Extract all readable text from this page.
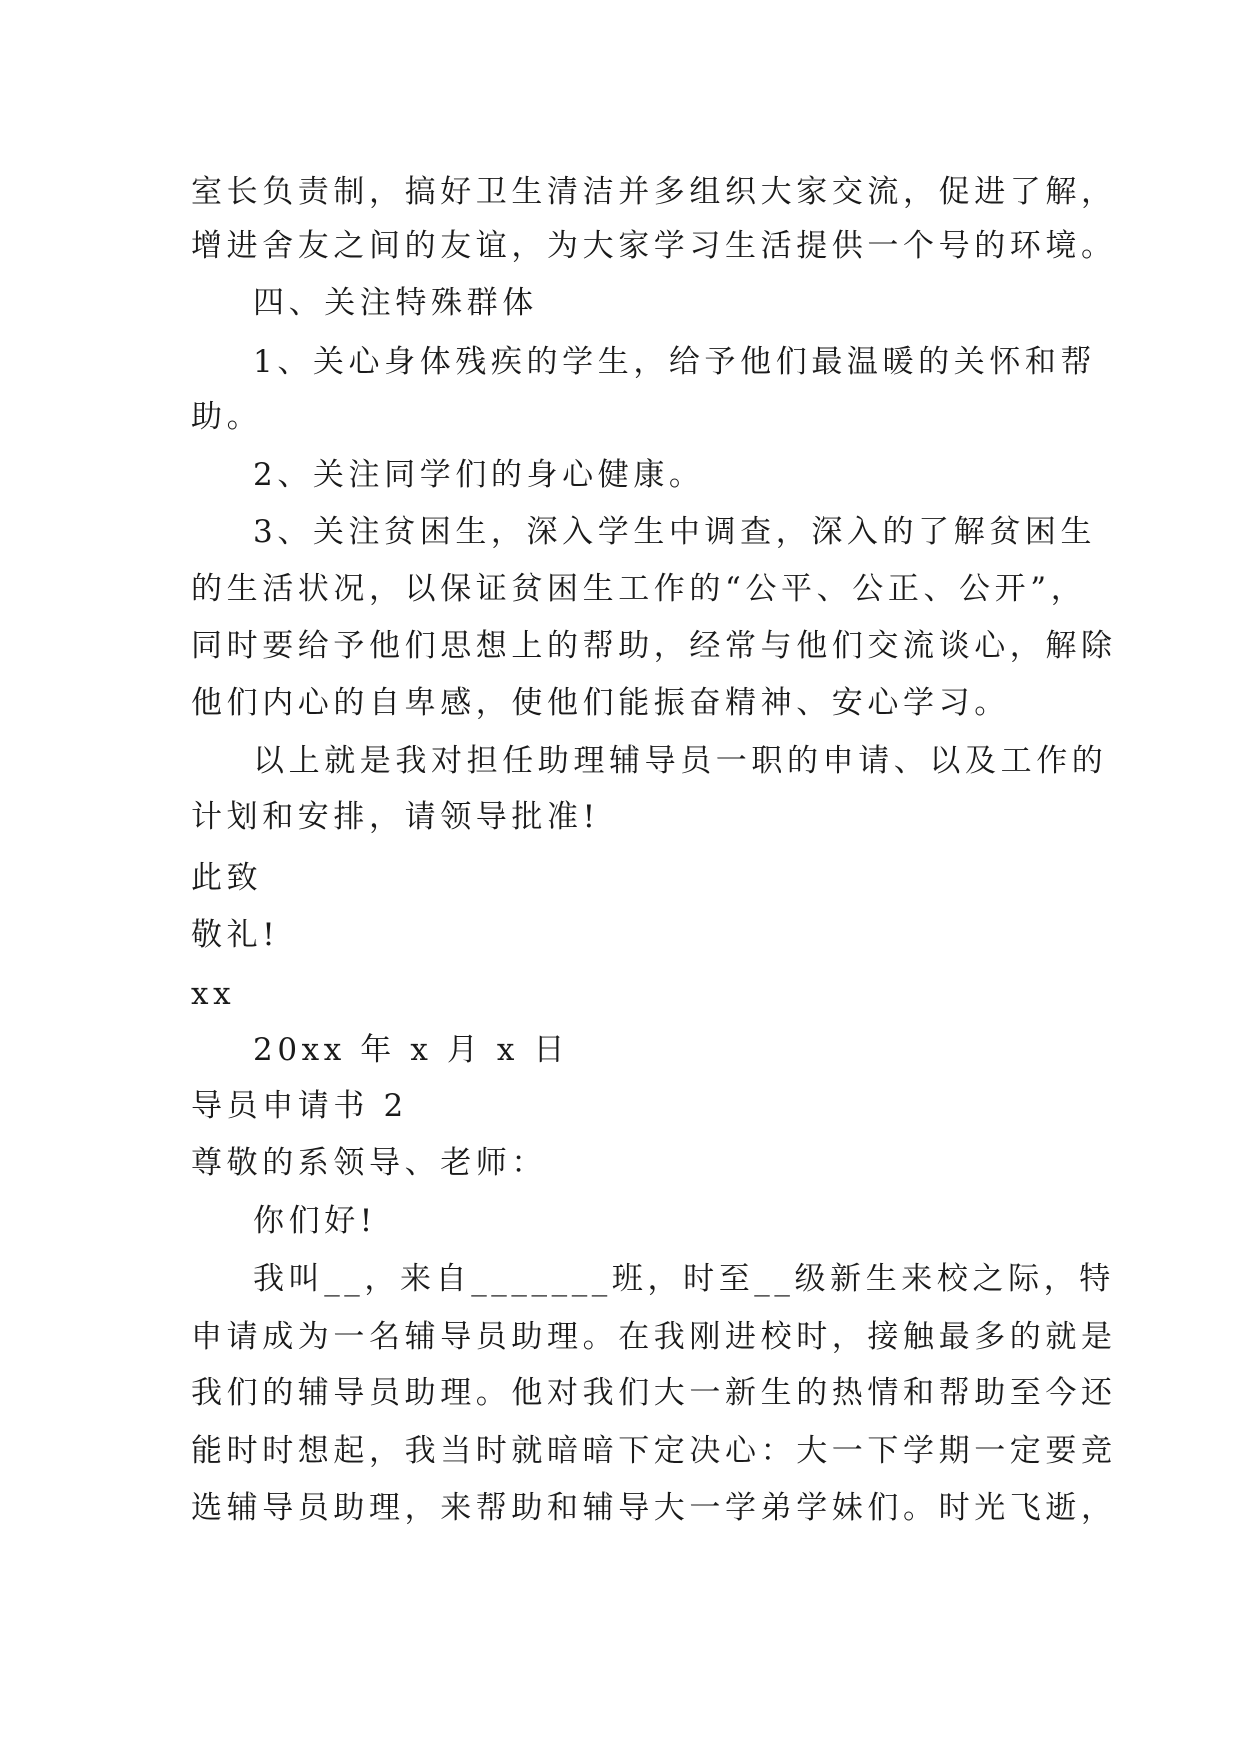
室长负责制，搞好卫生清洁并多组织大家交流，促进了解，
增进舍友之间的友谊，为大家学习生活提供一个号的环境。
四、关注特殊群体
1、关心身体残疾的学生，给予他们最温暖的关怀和帮
助。
2、关注同学们的身心健康。
3、关注贫困生，深入学生中调查，深入的了解贫困生
的生活状况，以保证贫困生工作的“公平、公正、公开”，
同时要给予他们思想上的帮助，经常与他们交流谈心，解除
他们内心的自卑感，使他们能振奋精神、安心学习。
以上就是我对担任助理辅导员一职的申请、以及工作的
计划和安排，请领导批准!
此致
敬礼!
xx
20xx 年 x 月 x 日
导员申请书 2
尊敬的系领导、老师：
你们好!
我叫__，来自_______班，时至__级新生来校之际，特
申请成为一名辅导员助理。在我刚进校时，接触最多的就是
我们的辅导员助理。他对我们大一新生的热情和帮助至今还
能时时想起，我当时就暗暗下定决心：大一下学期一定要竞
选辅导员助理，来帮助和辅导大一学弟学妹们。时光飞逝，
